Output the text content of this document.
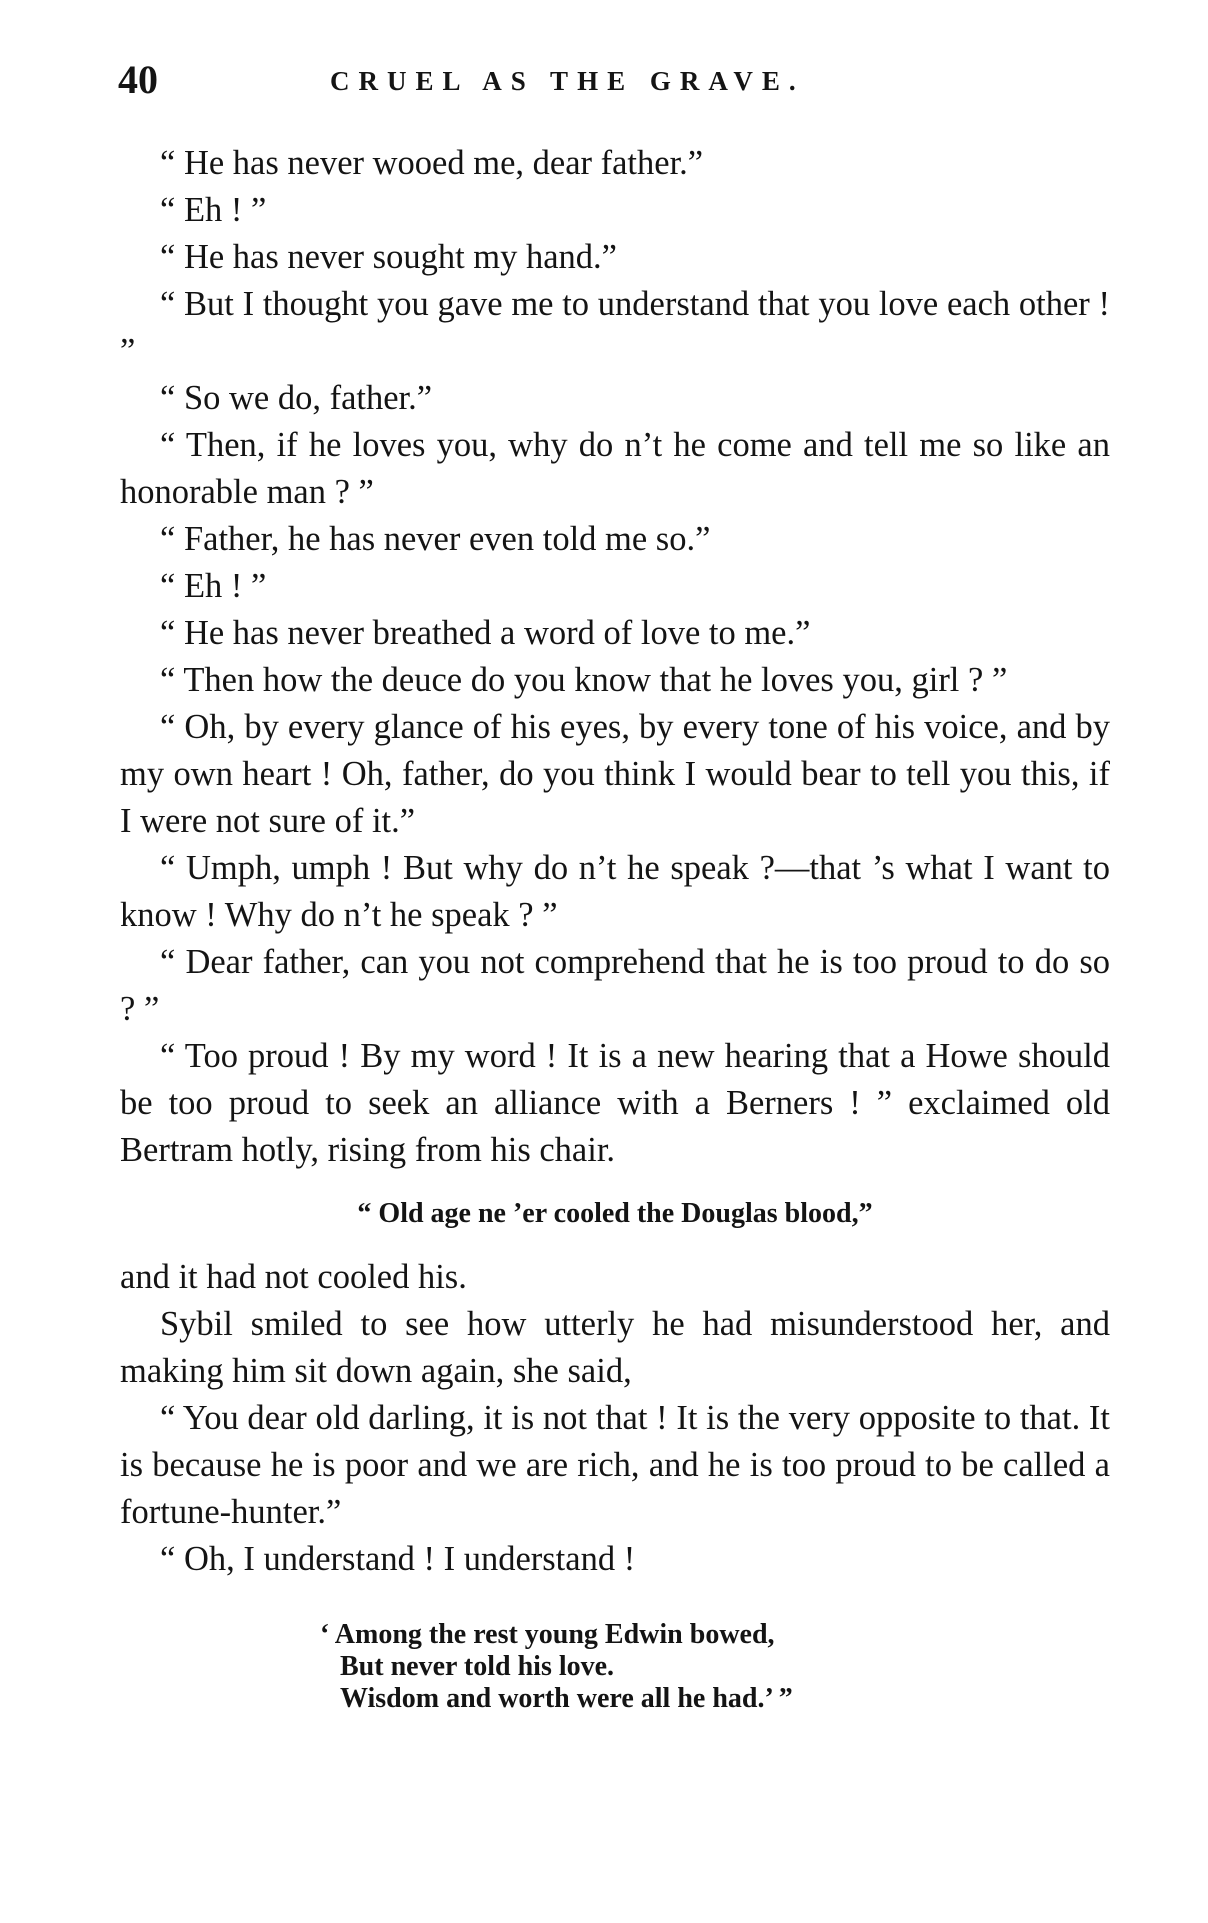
40	CRUEL AS THE GRAVE.

“ He has never wooed me, dear father.”

“ Eh ! ”

“ He has never sought my hand.”

“ But I thought you gave me to understand that you love each other ! ”

“ So we do, father.”

“ Then, if he loves you, why do n’t he come and tell me so like an honorable man ? ”

“ Father, he has never even told me so.”

“ Eh ! ”

“ He has never breathed a word of love to me.”

“ Then how the deuce do you know that he loves you, girl ? ”

“ Oh, by every glance of his eyes, by every tone of his voice, and by my own heart ! Oh, father, do you think I would bear to tell you this, if I were not sure of it.”

“ Umph, umph ! But why do n’t he speak ?—that ’s what I want to know ! Why do n’t he speak ? ”

“ Dear father, can you not comprehend that he is too proud to do so ? ”

“ Too proud ! By my word ! It is a new hearing that a Howe should be too proud to seek an alliance with a Berners ! ” exclaimed old Bertram hotly, rising from his chair.

“ Old age ne ’er cooled the Douglas blood,”

and it had not cooled his.

Sybil smiled to see how utterly he had misunderstood her, and making him sit down again, she said,

“ You dear old darling, it is not that ! It is the very opposite to that. It is because he is poor and we are rich, and he is too proud to be called a fortune-hunter.”

“ Oh, I understand ! I understand !

‘ Among the rest young Edwin bowed,
But never told his love.
Wisdom and worth were all he had.’ ”
